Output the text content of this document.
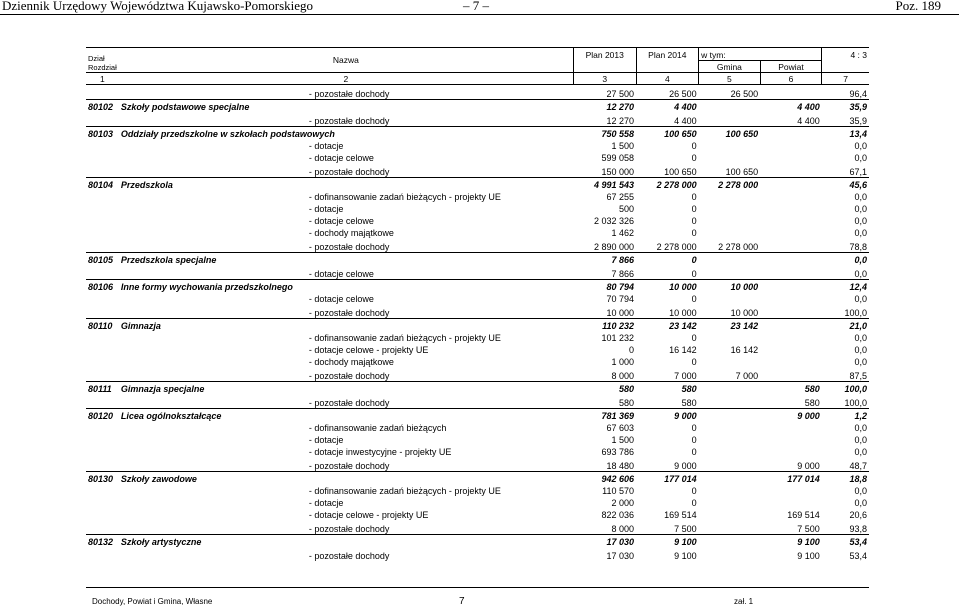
Dziennik Urzędowy Województwa Kujawsko-Pomorskiego	– 7 –	Poz. 189
Dział
Rozdział	Nazwa	Plan 2013	Plan 2014	w tym:		4 : 3
				Gmina	Powiat	
1	2	3	4	5	6	7
	- pozostałe dochody	27 500	26 500	26 500		96,4
80102	Szkoły podstawowe specjalne	12 270	4 400		4 400	35,9
	- pozostałe dochody	12 270	4 400		4 400	35,9
80103	Oddziały przedszkolne w szkołach podstawowych	750 558	100 650	100 650		13,4
	- dotacje	1 500	0			0,0
	- dotacje celowe	599 058	0			0,0
	- pozostałe dochody	150 000	100 650	100 650		67,1
80104	Przedszkola	4 991 543	2 278 000	2 278 000		45,6
	- dofinansowanie zadań bieżących - projekty UE	67 255	0			0,0
	- dotacje	500	0			0,0
	- dotacje celowe	2 032 326	0			0,0
	- dochody majątkowe	1 462	0			0,0
	- pozostałe dochody	2 890 000	2 278 000	2 278 000		78,8
80105	Przedszkola specjalne	7 866	0			0,0
	- dotacje celowe	7 866	0			0,0
80106	Inne formy wychowania przedszkolnego	80 794	10 000	10 000		12,4
	- dotacje celowe	70 794	0			0,0
	- pozostałe dochody	10 000	10 000	10 000		100,0
80110	Gimnazja	110 232	23 142	23 142		21,0
	- dofinansowanie zadań bieżących - projekty UE	101 232	0			0,0
	- dotacje celowe - projekty UE	0	16 142	16 142		0,0
	- dochody majątkowe	1 000	0			0,0
	- pozostałe dochody	8 000	7 000	7 000		87,5
80111	Gimnazja specjalne	580	580		580	100,0
	- pozostałe dochody	580	580		580	100,0
80120	Licea ogólnokształcące	781 369	9 000		9 000	1,2
	- dofinansowanie zadań bieżących	67 603	0			0,0
	- dotacje	1 500	0			0,0
	- dotacje inwestycyjne - projekty UE	693 786	0			0,0
	- pozostałe dochody	18 480	9 000		9 000	48,7
80130	Szkoły zawodowe	942 606	177 014		177 014	18,8
	- dofinansowanie zadań bieżących - projekty UE	110 570	0			0,0
	- dotacje	2 000	0			0,0
	- dotacje celowe - projekty UE	822 036	169 514		169 514	20,6
	- pozostałe dochody	8 000	7 500		7 500	93,8
80132	Szkoły artystyczne	17 030	9 100		9 100	53,4
	- pozostałe dochody	17 030	9 100		9 100	53,4
Dochody, Powiat i Gmina, Własne	7	zał. 1
